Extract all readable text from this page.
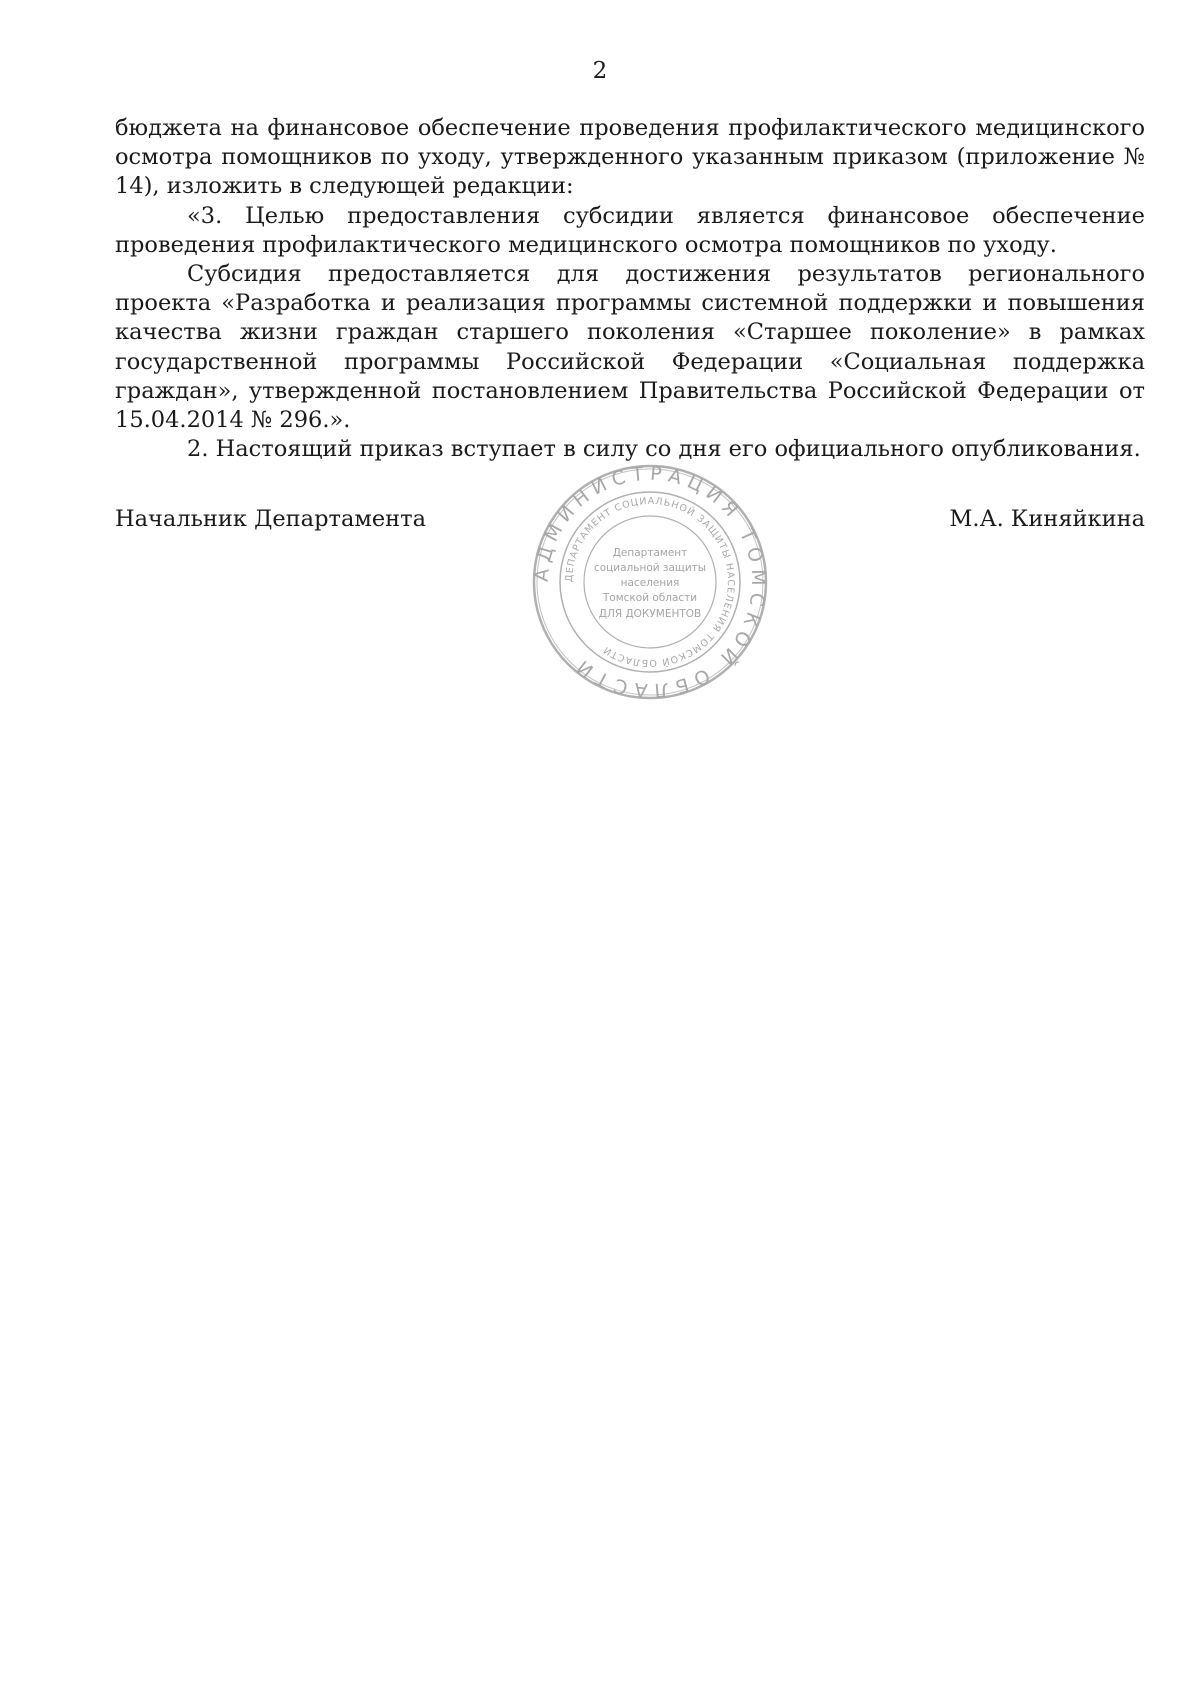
2

бюджета на финансовое обеспечение проведения профилактического медицинского осмотра помощников по уходу, утвержденного указанным приказом (приложение № 14), изложить в следующей редакции:

«3. Целью предоставления субсидии является финансовое обеспечение проведения профилактического медицинского осмотра помощников по уходу.

Субсидия предоставляется для достижения результатов регионального проекта «Разработка и реализация программы системной поддержки и повышения качества жизни граждан старшего поколения «Старшее поколение» в рамках государственной программы Российской Федерации «Социальная поддержка граждан», утвержденной постановлением Правительства Российской Федерации от 15.04.2014 № 296.».

2. Настоящий приказ вступает в силу со дня его официального опубликования.

Начальник Департамента	М.А. Киняйкина
АДМИНИСТРАЦИЯ ТОМСКОЙ ОБЛАСТИ
ДЕПАРТАМЕНТ СОЦИАЛЬНОЙ ЗАЩИТЫ НАСЕЛЕНИЯ ТОМСКОЙ ОБЛАСТИ
Департамент
социальной защиты
населения
Томской области
ДЛЯ ДОКУМЕНТОВ
